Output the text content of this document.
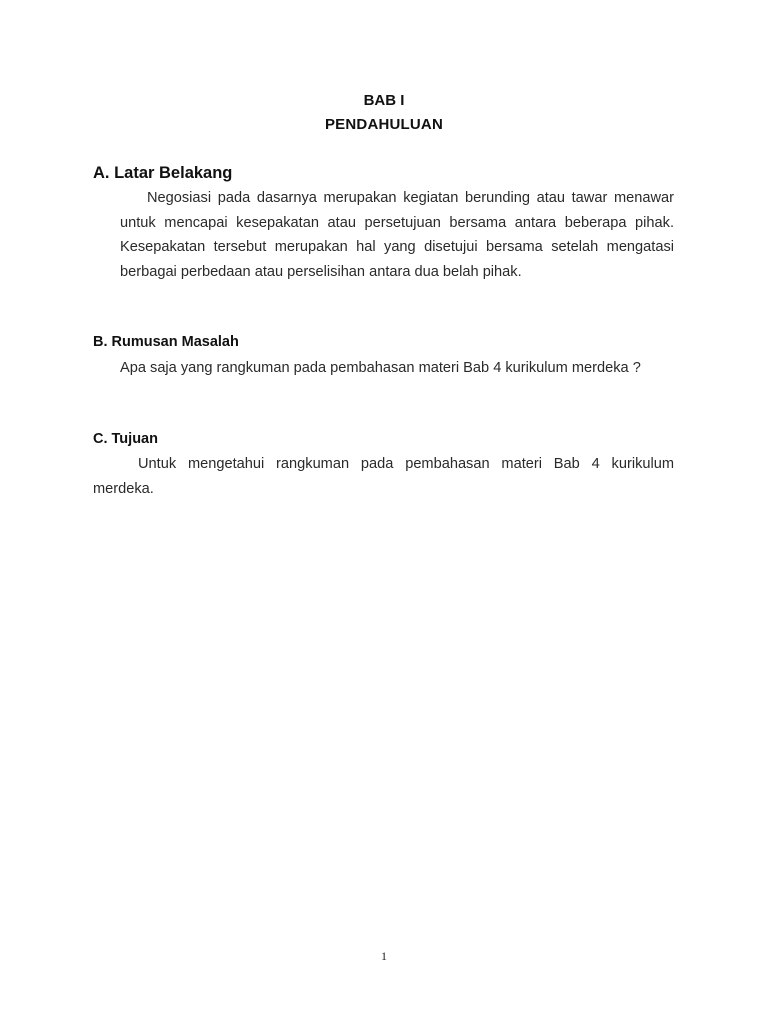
BAB I
PENDAHULUAN
A. Latar Belakang

Negosiasi pada dasarnya merupakan kegiatan berunding atau tawar menawar untuk mencapai kesepakatan atau persetujuan bersama antara beberapa pihak. Kesepakatan tersebut merupakan hal yang disetujui bersama setelah mengatasi berbagai perbedaan atau perselisihan antara dua belah pihak.

B. Rumusan Masalah

Apa saja yang rangkuman pada pembahasan materi Bab 4 kurikulum merdeka ?

C. Tujuan

Untuk mengetahui rangkuman pada pembahasan materi Bab 4 kurikulum merdeka.

1
